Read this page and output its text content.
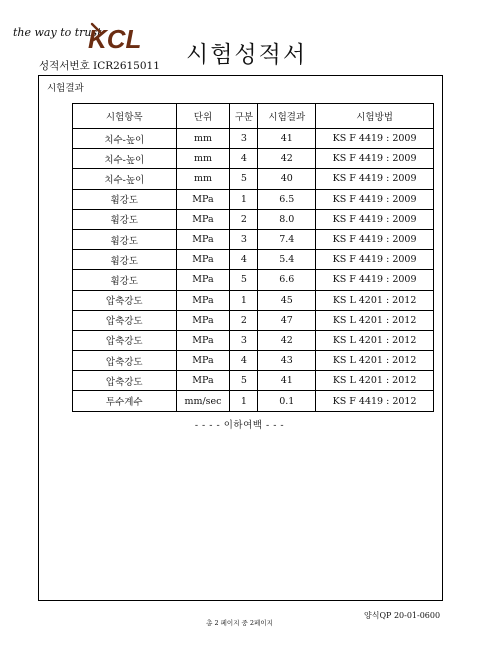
the way to trust
KCL
성적서번호 ICR2615011 시험성적서
시험결과
시험항목	단위	구분	시험결과	시험방법
치수-높이	mm	3	41	KS F 4419 : 2009
치수-높이	mm	4	42	KS F 4419 : 2009
치수-높이	mm	5	40	KS F 4419 : 2009
휨강도	MPa	1	6.5	KS F 4419 : 2009
휨강도	MPa	2	8.0	KS F 4419 : 2009
휨강도	MPa	3	7.4	KS F 4419 : 2009
휨강도	MPa	4	5.4	KS F 4419 : 2009
휨강도	MPa	5	6.6	KS F 4419 : 2009
압축강도	MPa	1	45	KS L 4201 : 2012
압축강도	MPa	2	47	KS L 4201 : 2012
압축강도	MPa	3	42	KS L 4201 : 2012
압축강도	MPa	4	43	KS L 4201 : 2012
압축강도	MPa	5	41	KS L 4201 : 2012
투수계수	mm/sec	1	0.1	KS F 4419 : 2012
- - - - 이하여백 - - -
양식QP 20-01-0600
총 2 페이지 중 2페이지
